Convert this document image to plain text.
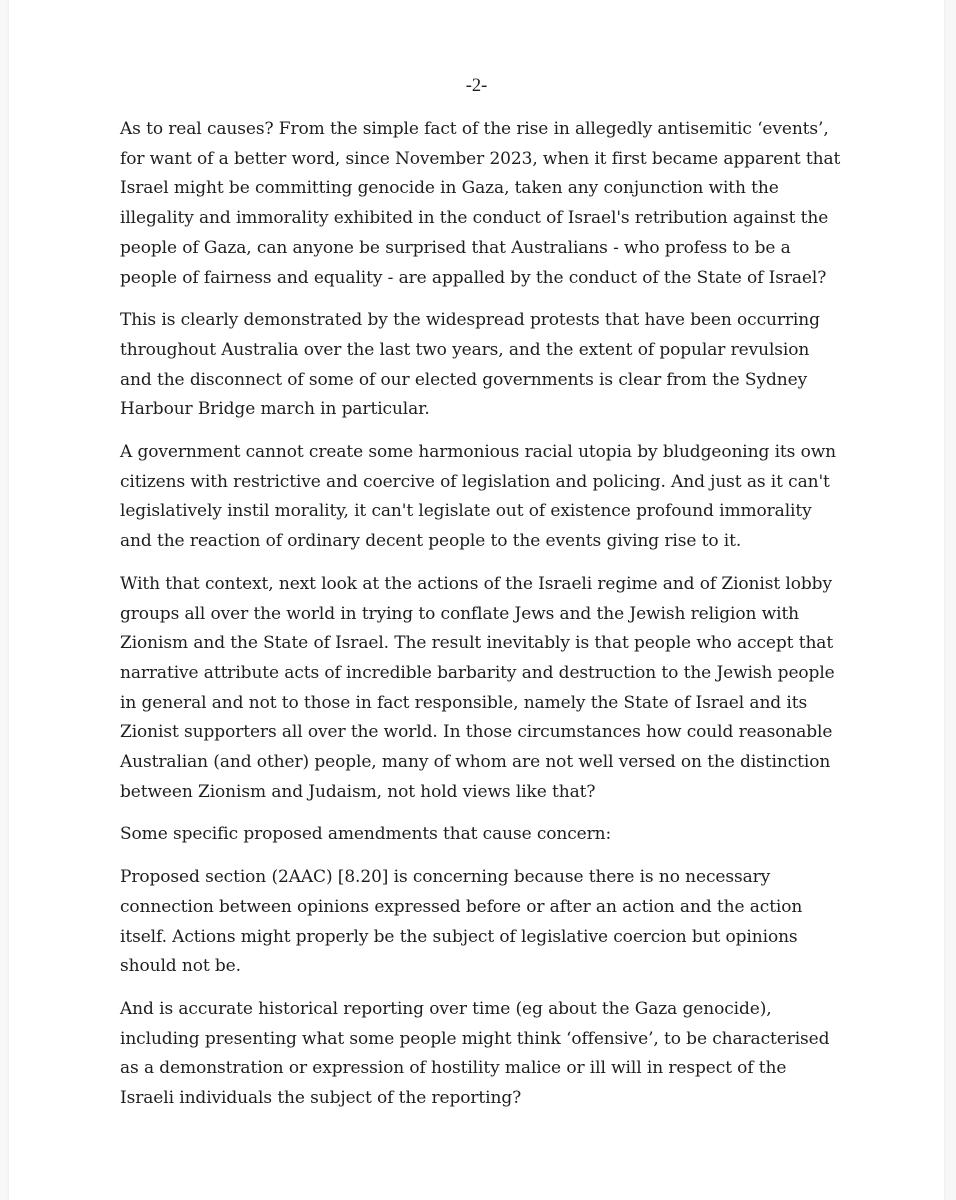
-2-

As to real causes? From the simple fact of the rise in allegedly antisemitic ‘events’, for want of a better word, since November 2023, when it first became apparent that Israel might be committing genocide in Gaza, taken any conjunction with the illegality and immorality exhibited in the conduct of Israel's retribution against the people of Gaza, can anyone be surprised that Australians - who profess to be a people of fairness and equality - are appalled by the conduct of the State of Israel?

This is clearly demonstrated by the widespread protests that have been occurring throughout Australia over the last two years, and the extent of popular revulsion and the disconnect of some of our elected governments is clear from the Sydney Harbour Bridge march in particular.

A government cannot create some harmonious racial utopia by bludgeoning its own citizens with restrictive and coercive of legislation and policing. And just as it can't legislatively instil morality, it can't legislate out of existence profound immorality and the reaction of ordinary decent people to the events giving rise to it.

With that context, next look at the actions of the Israeli regime and of Zionist lobby groups all over the world in trying to conflate Jews and the Jewish religion with Zionism and the State of Israel. The result inevitably is that people who accept that narrative attribute acts of incredible barbarity and destruction to the Jewish people in general and not to those in fact responsible, namely the State of Israel and its Zionist supporters all over the world. In those circumstances how could reasonable Australian (and other) people, many of whom are not well versed on the distinction between Zionism and Judaism, not hold views like that?

Some specific proposed amendments that cause concern:

Proposed section (2AAC) [8.20] is concerning because there is no necessary connection between opinions expressed before or after an action and the action itself. Actions might properly be the subject of legislative coercion but opinions should not be.

And is accurate historical reporting over time (eg about the Gaza genocide), including presenting what some people might think ‘offensive’, to be characterised as a demonstration or expression of hostility malice or ill will in respect of the Israeli individuals the subject of the reporting?
